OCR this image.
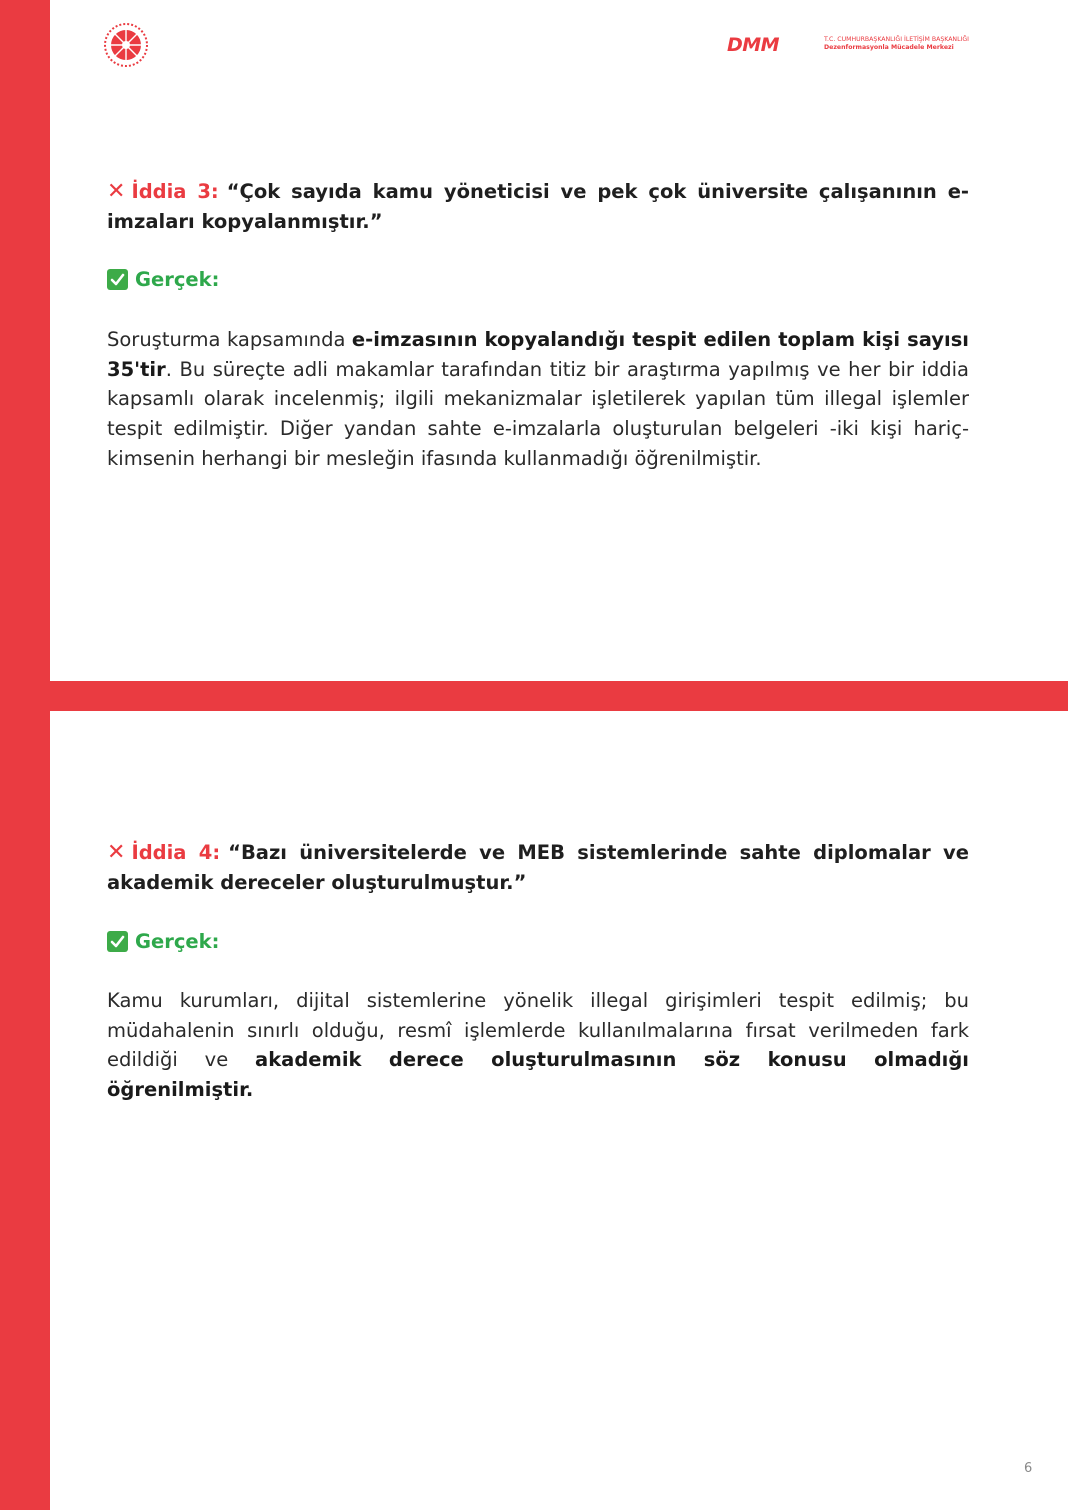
DMM	T.C. CUMHURBAŞKANLIĞI İLETİŞİM BAŞKANLIĞI
Dezenformasyonla Mücadele Merkezi
✕ İddia 3: “Çok sayıda kamu yöneticisi ve pek çok üniversite çalışanının e-imzaları kopyalanmıştır.”
Gerçek:
Soruşturma kapsamında e-imzasının kopyalandığı tespit edilen toplam kişi sayısı 35'tir. Bu süreçte adli makamlar tarafından titiz bir araştırma yapılmış ve her bir iddia kapsamlı olarak incelenmiş; ilgili mekanizmalar işletilerek yapılan tüm illegal işlemler tespit edilmiştir. Diğer yandan sahte e-imzalarla oluşturulan belgeleri -iki kişi hariç- kimsenin herhangi bir mesleğin ifasında kullanmadığı öğrenilmiştir.
✕ İddia 4: “Bazı üniversitelerde ve MEB sistemlerinde sahte diplomalar ve akademik dereceler oluşturulmuştur.”
Gerçek:
Kamu kurumları, dijital sistemlerine yönelik illegal girişimleri tespit edilmiş; bu müdahalenin sınırlı olduğu, resmî işlemlerde kullanılmalarına fırsat verilmeden fark edildiği ve akademik derece oluşturulmasının söz konusu olmadığı öğrenilmiştir.
6
